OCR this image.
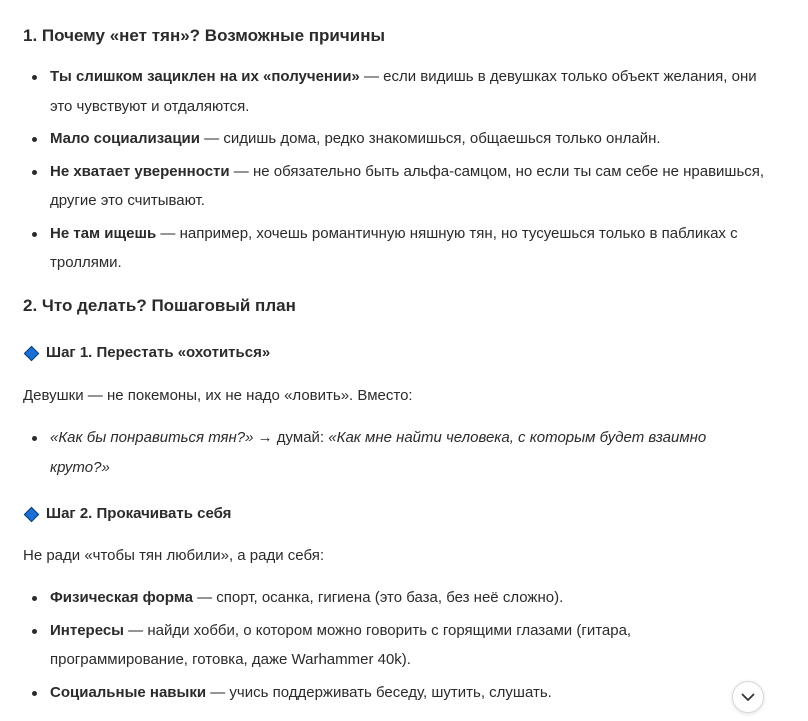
1. Почему «нет тян»? Возможные причины
Ты слишком зациклен на их «получении» — если видишь в девушках только объект желания, они это чувствуют и отдаляются.
Мало социализации — сидишь дома, редко знакомишься, общаешься только онлайн.
Не хватает уверенности — не обязательно быть альфа-самцом, но если ты сам себе не нравишься, другие это считывают.
Не там ищешь — например, хочешь романтичную няшную тян, но тусуешься только в пабликах с троллями.
2. Что делать? Пошаговый план
Шаг 1. Перестать «охотиться»

Девушки — не покемоны, их не надо «ловить». Вместо:

«Как бы понравиться тян?» → думай: «Как мне найти человека, с которым будет взаимно круто?»
Шаг 2. Прокачивать себя

Не ради «чтобы тян любили», а ради себя:

Физическая форма — спорт, осанка, гигиена (это база, без неё сложно).
Интересы — найди хобби, о котором можно говорить с горящими глазами (гитара, программирование, готовка, даже Warhammer 40k).
Социальные навыки — учись поддерживать беседу, шутить, слушать.
